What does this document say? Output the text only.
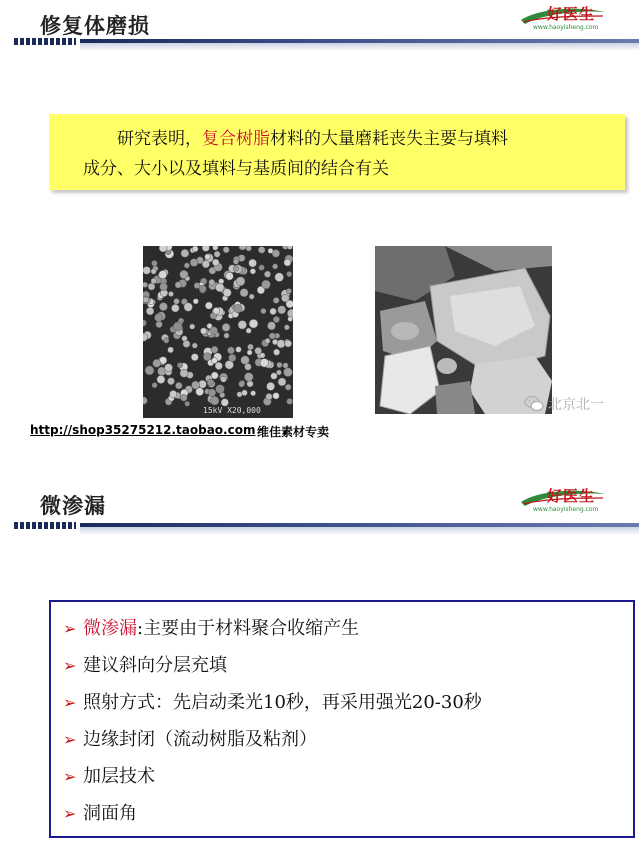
修复体磨损	好医生
www.haoyisheng.com
研究表明，复合树脂材料的大量磨耗丧失主要与填料
成分、大小以及填料与基质间的结合有关
15kV X20,000
http://shop35275212.taobao.com 维佳素材专卖
北京北一
微渗漏	好医生
www.haoyisheng.com
➢ 微渗漏:主要由于材料聚合收缩产生
➢ 建议斜向分层充填
➢ 照射方式：先启动柔光10秒，再采用强光20-30秒
➢ 边缘封闭（流动树脂及粘剂）
➢ 加层技术
➢ 洞面角
